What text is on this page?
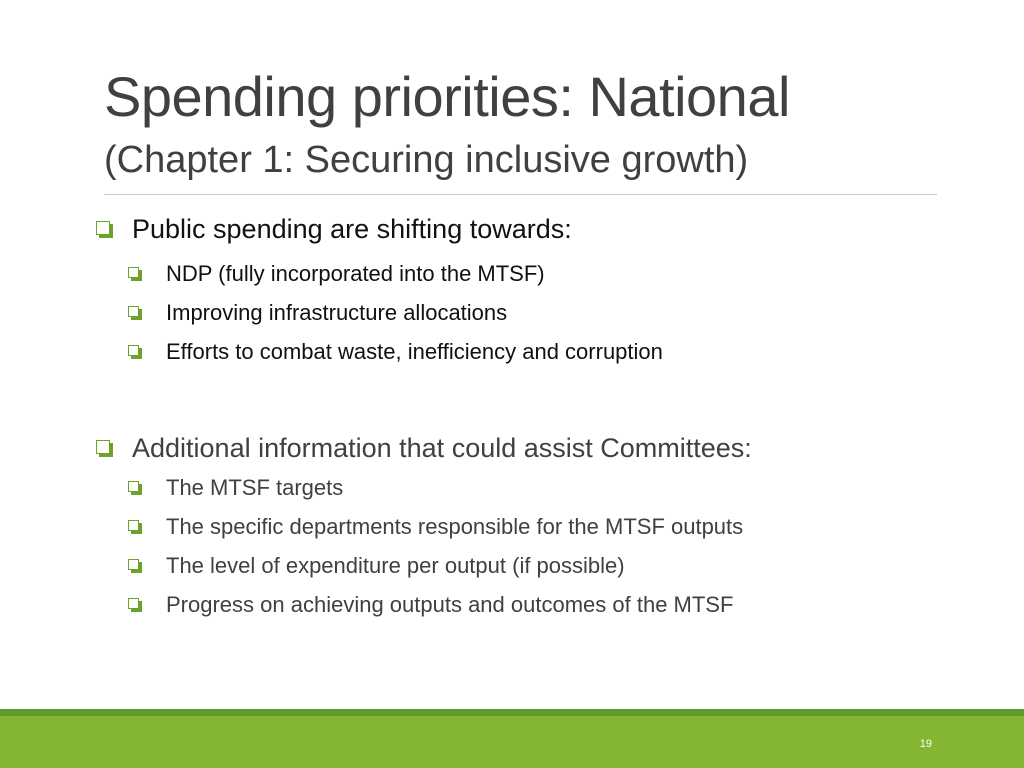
Spending priorities: National
(Chapter 1: Securing inclusive growth)
Public spending are shifting towards:
NDP (fully incorporated into the MTSF)
Improving infrastructure allocations
Efforts to combat waste, inefficiency and corruption
Additional information that could assist Committees:
The MTSF targets
The specific departments responsible for the MTSF outputs
The level of expenditure per output (if possible)
Progress on achieving outputs and outcomes of the MTSF
19
